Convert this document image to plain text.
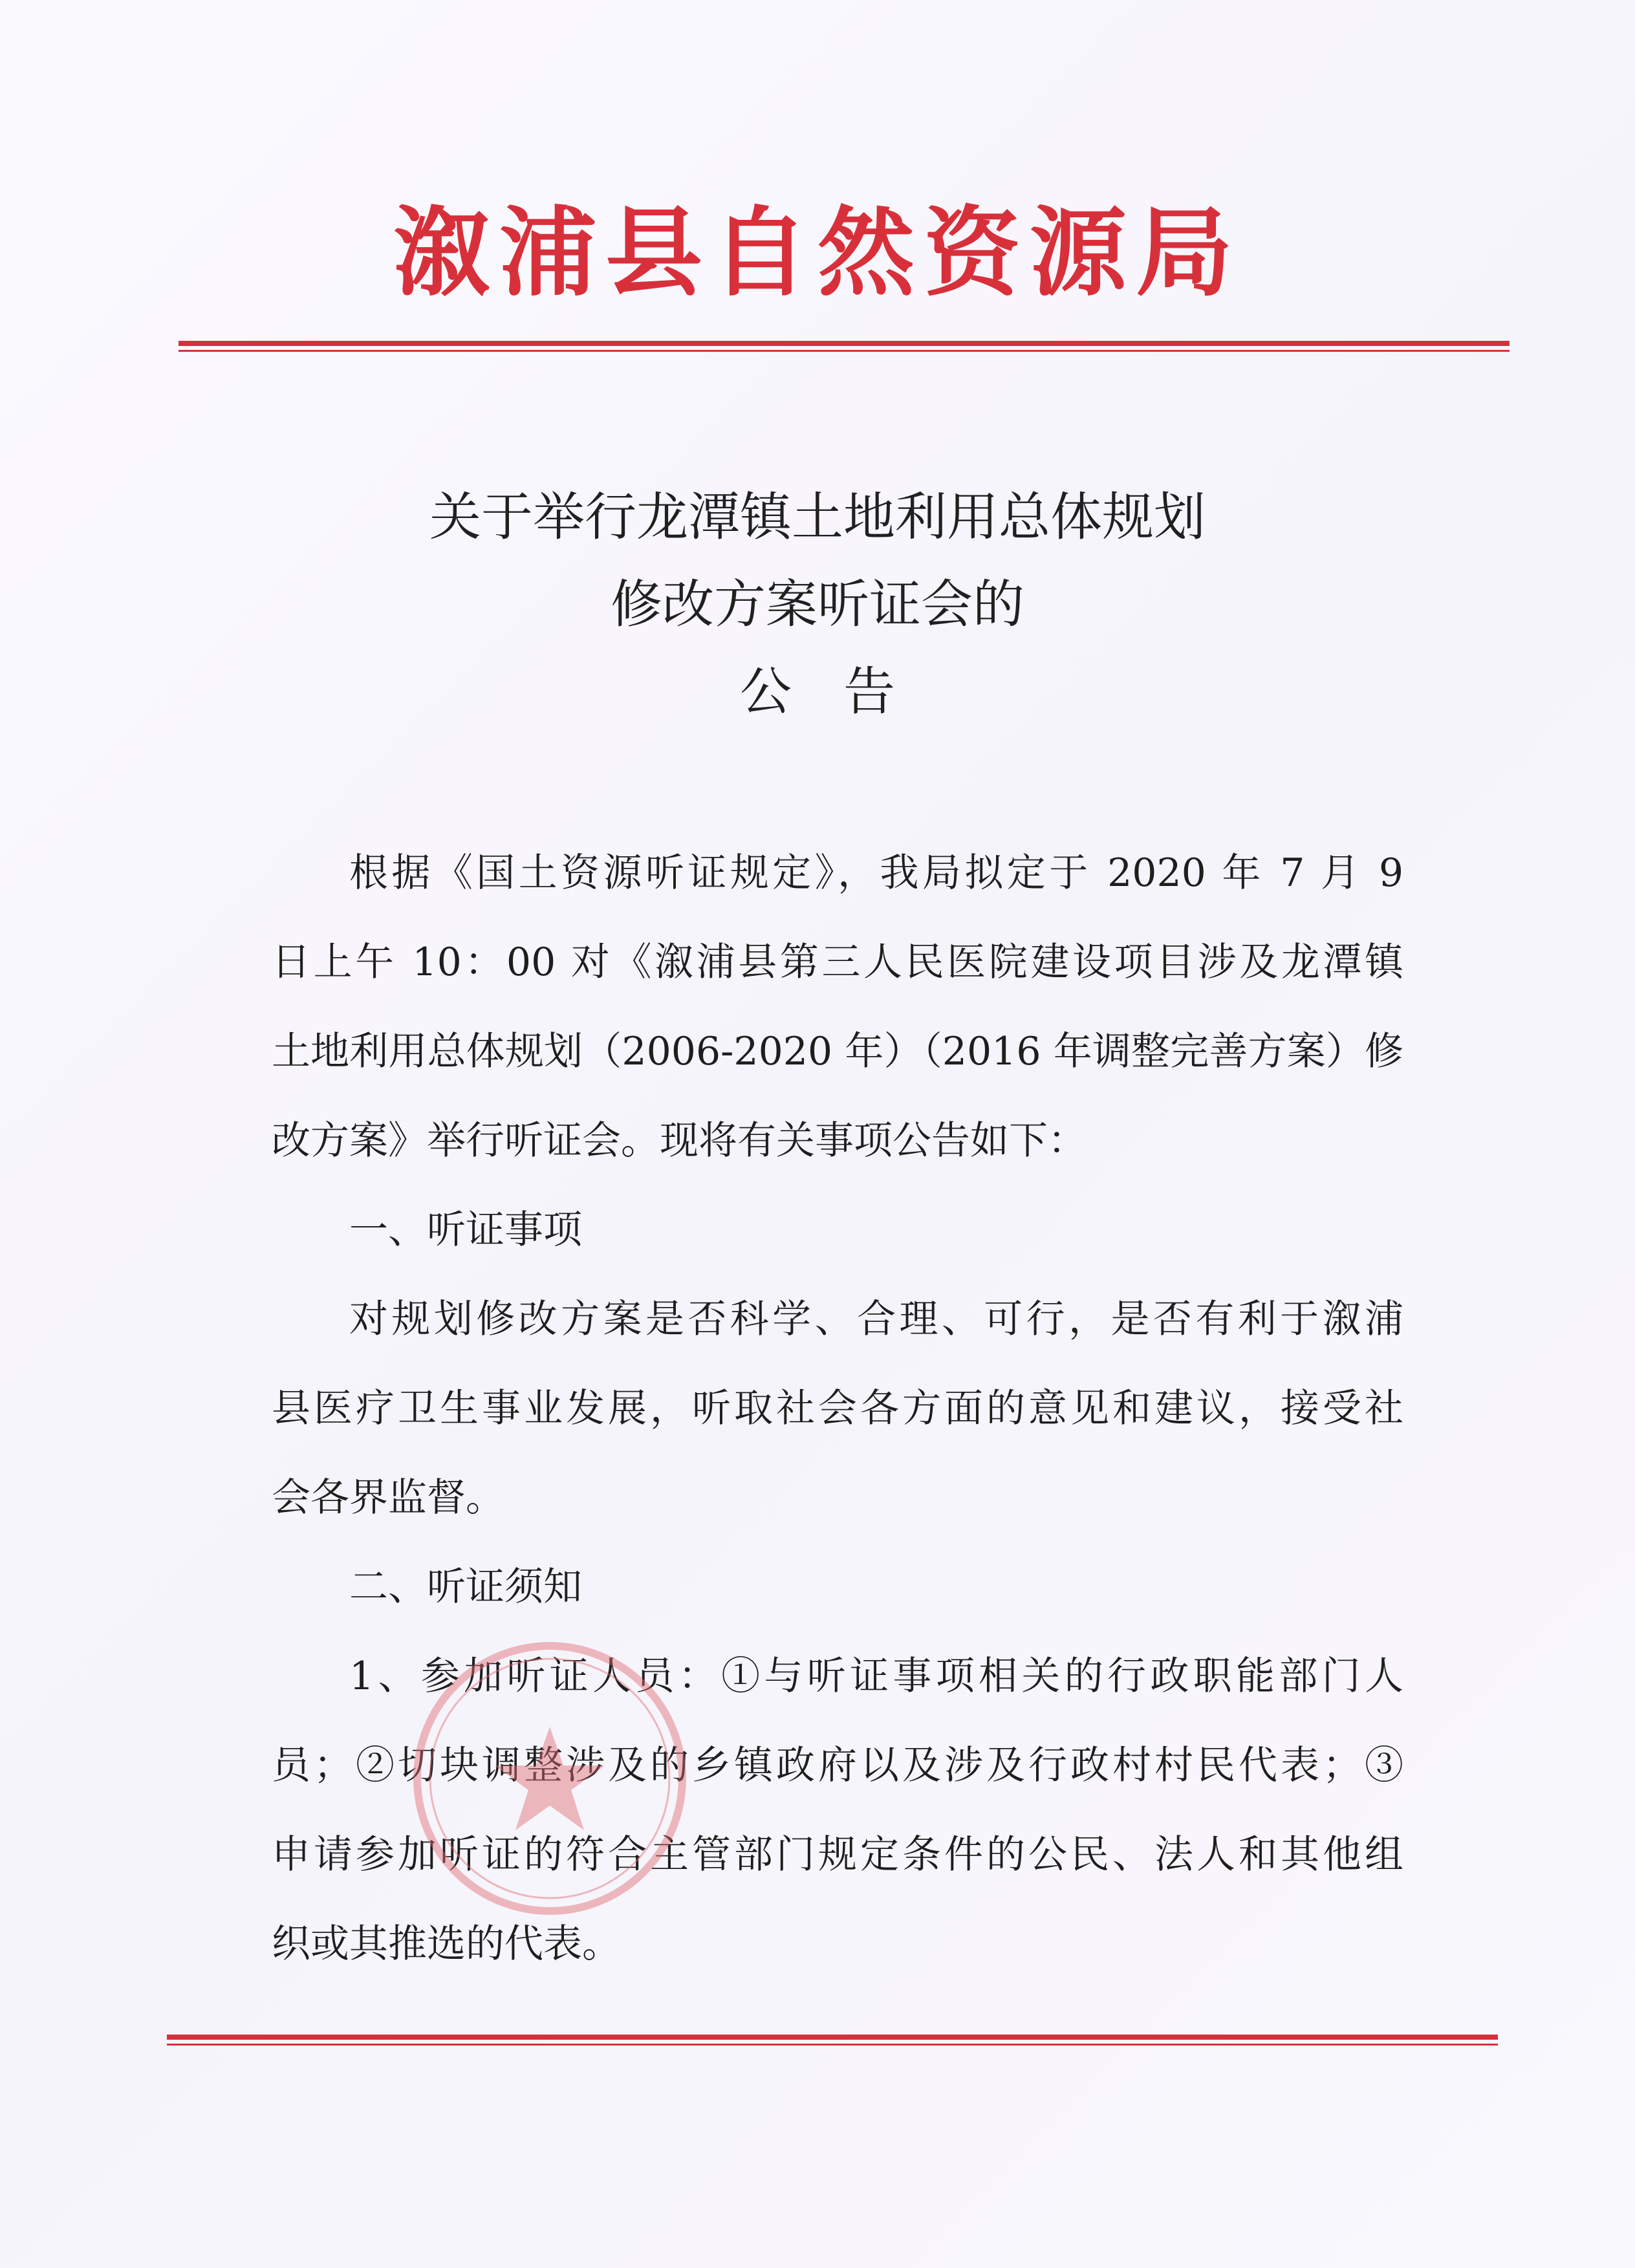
溆浦县自然资源局
关于举行龙潭镇土地利用总体规划
修改方案听证会的
公告
根据《国土资源听证规定》，我局拟定于 2020 年 7 月 9
日上午 10：00 对《溆浦县第三人民医院建设项目涉及龙潭镇
土地利用总体规划（2006-2020 年）（2016 年调整完善方案）修
改方案》举行听证会。现将有关事项公告如下：
一、听证事项
对规划修改方案是否科学、合理、可行，是否有利于溆浦
县医疗卫生事业发展，听取社会各方面的意见和建议，接受社
会各界监督。
二、听证须知
1、参加听证人员：①与听证事项相关的行政职能部门人
员；②切块调整涉及的乡镇政府以及涉及行政村村民代表；③
申请参加听证的符合主管部门规定条件的公民、法人和其他组
织或其推选的代表。
